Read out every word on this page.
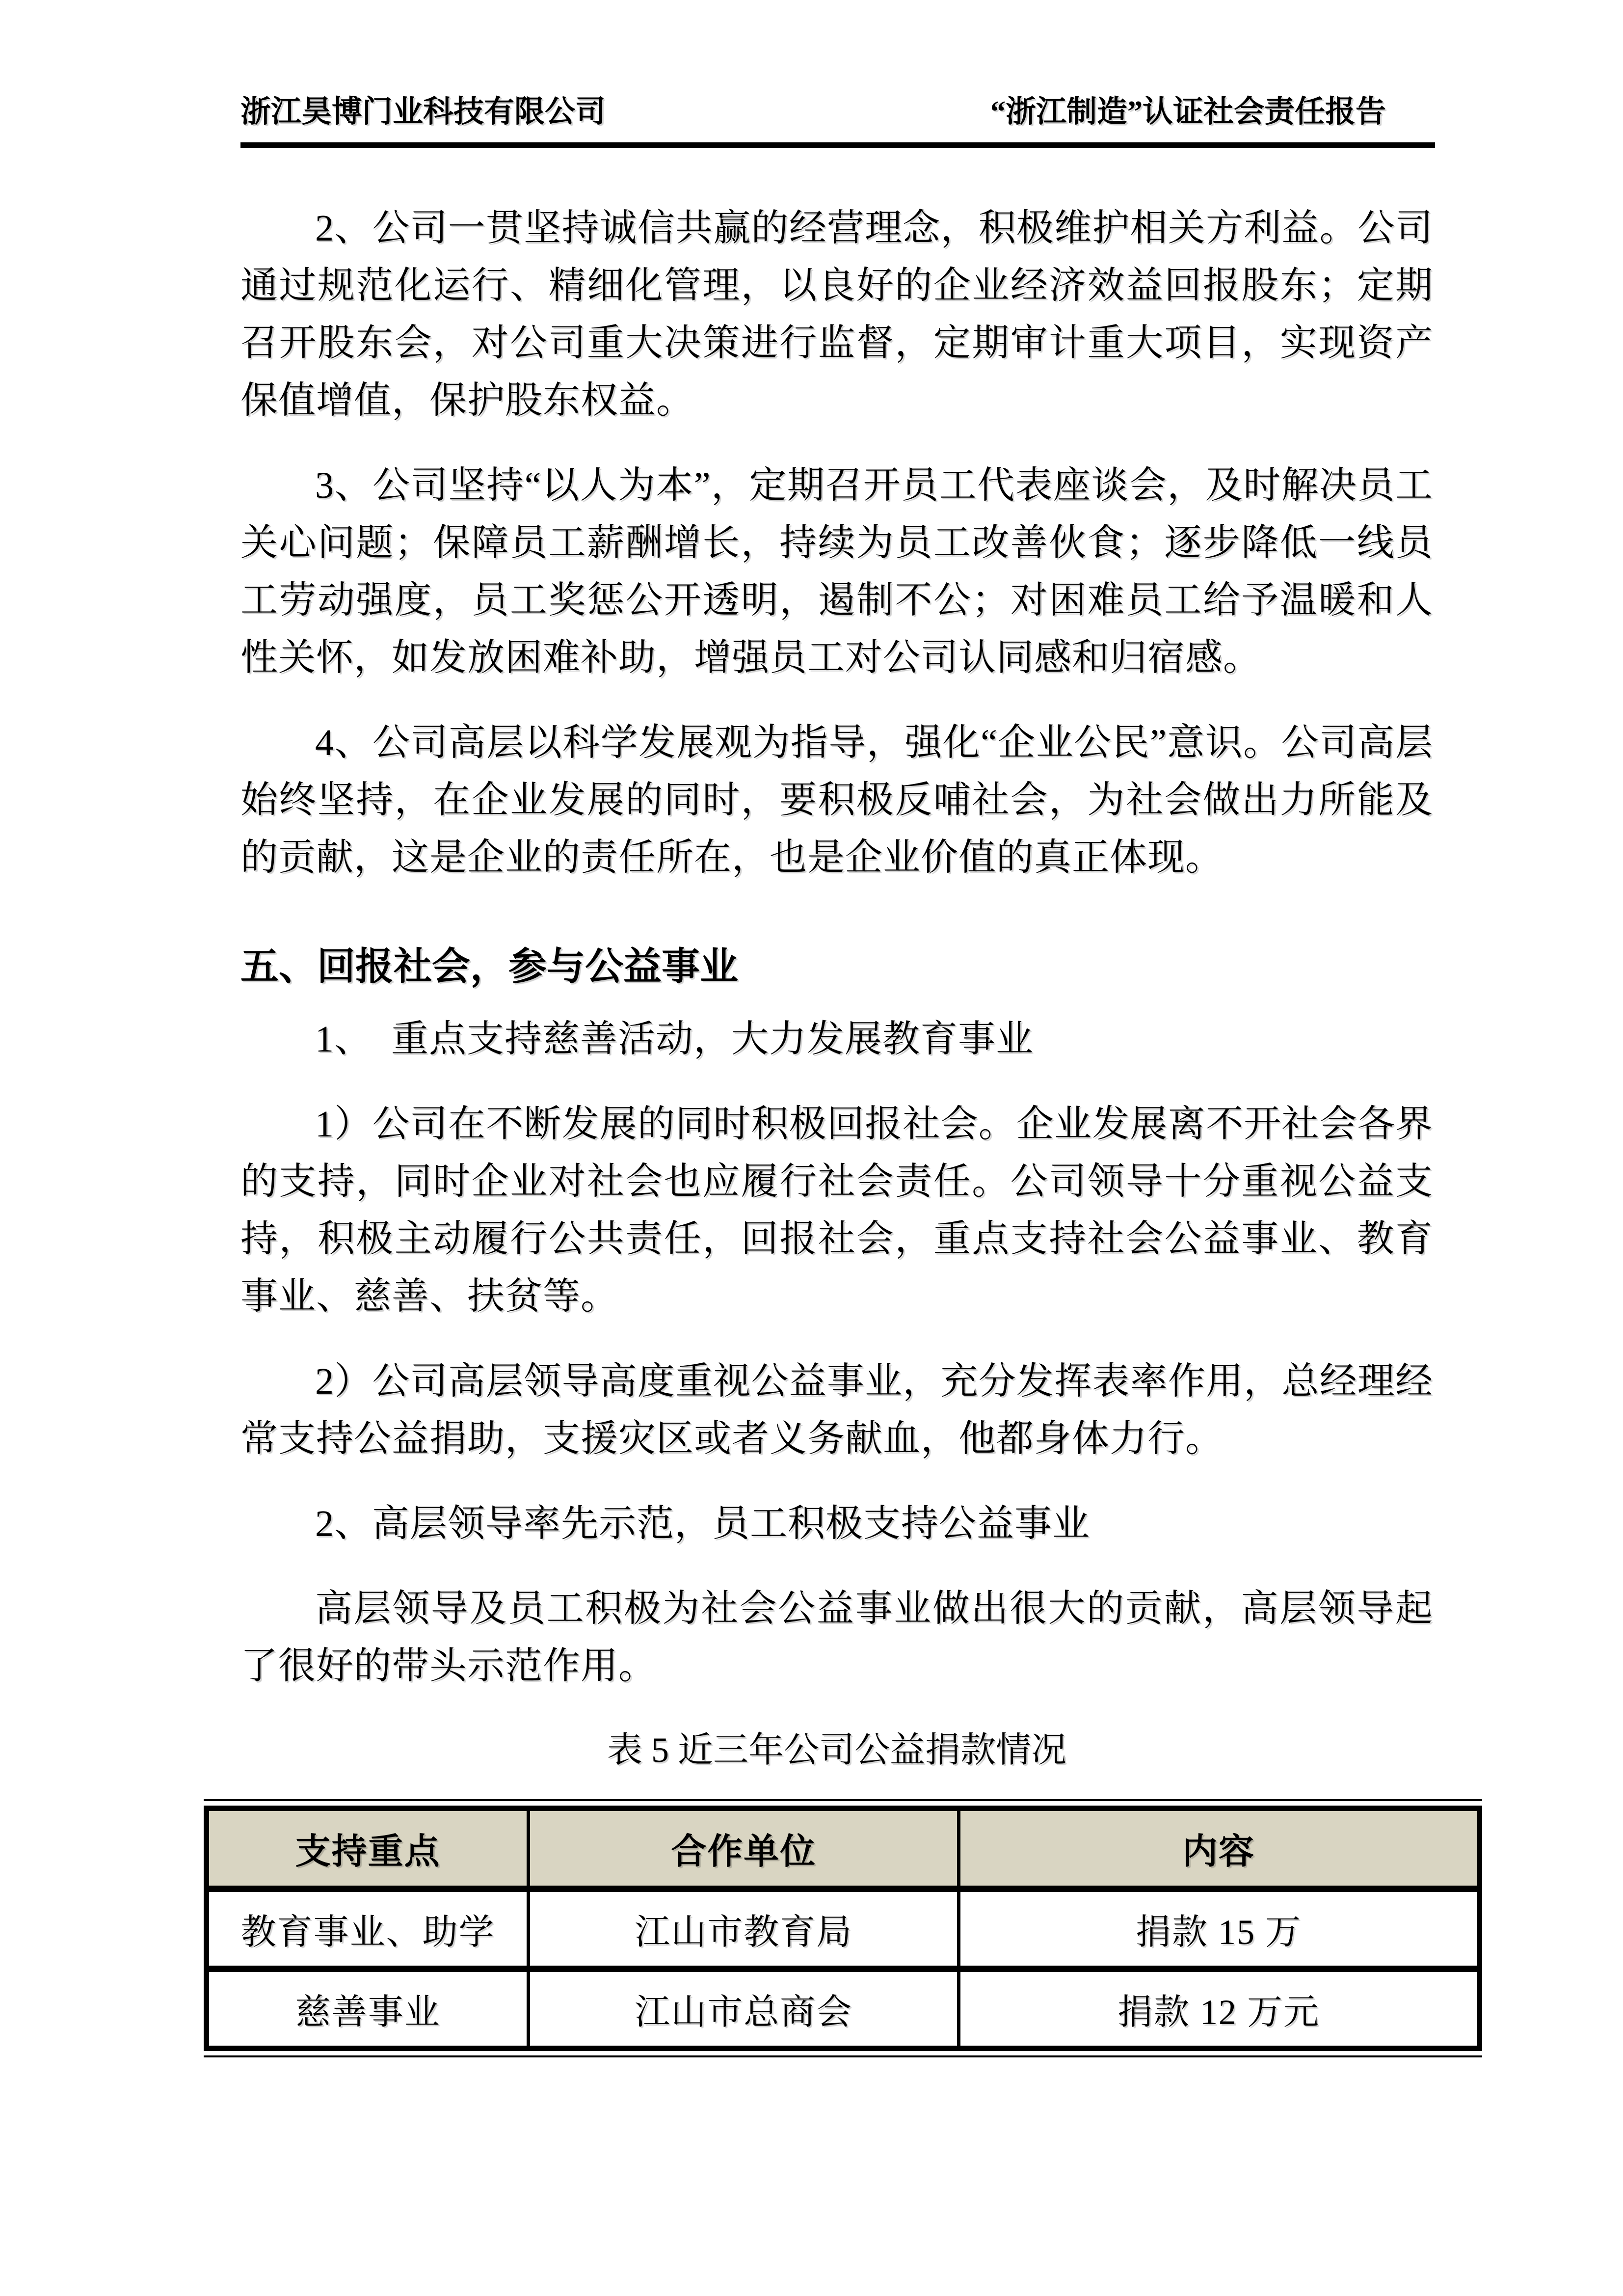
浙江昊博门业科技有限公司	“浙江制造”认证社会责任报告

2、公司一贯坚持诚信共赢的经营理念，积极维护相关方利益。公司通过规范化运行、精细化管理，以良好的企业经济效益回报股东；定期召开股东会，对公司重大决策进行监督，定期审计重大项目，实现资产保值增值，保护股东权益。

3、公司坚持“以人为本”，定期召开员工代表座谈会，及时解决员工关心问题；保障员工薪酬增长，持续为员工改善伙食；逐步降低一线员工劳动强度，员工奖惩公开透明，遏制不公；对困难员工给予温暖和人性关怀，如发放困难补助，增强员工对公司认同感和归宿感。

4、公司高层以科学发展观为指导，强化“企业公民”意识。公司高层始终坚持，在企业发展的同时，要积极反哺社会，为社会做出力所能及的贡献，这是企业的责任所在，也是企业价值的真正体现。

五、回报社会，参与公益事业

1、　重点支持慈善活动，大力发展教育事业

1）公司在不断发展的同时积极回报社会。企业发展离不开社会各界的支持，同时企业对社会也应履行社会责任。公司领导十分重视公益支持，积极主动履行公共责任，回报社会，重点支持社会公益事业、教育事业、慈善、扶贫等。

2）公司高层领导高度重视公益事业，充分发挥表率作用，总经理经常支持公益捐助，支援灾区或者义务献血，他都身体力行。

2、高层领导率先示范，员工积极支持公益事业

高层领导及员工积极为社会公益事业做出很大的贡献，高层领导起了很好的带头示范作用。

表 5 近三年公司公益捐款情况

支持重点	合作单位	内容
教育事业、助学	江山市教育局	捐款 15 万
慈善事业	江山市总商会	捐款 12 万元
